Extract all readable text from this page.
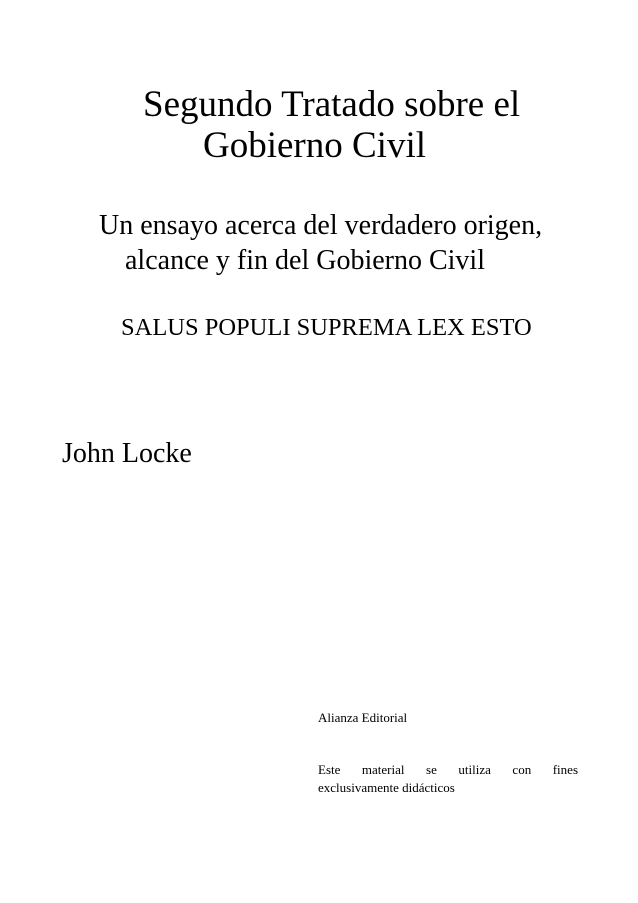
Segundo Tratado sobre el
Gobierno Civil
Un ensayo acerca del verdadero origen,
alcance y fin del Gobierno Civil
SALUS POPULI SUPREMA LEX ESTO
John Locke
Alianza Editorial
Este material se utiliza con fines
exclusivamente didácticos
